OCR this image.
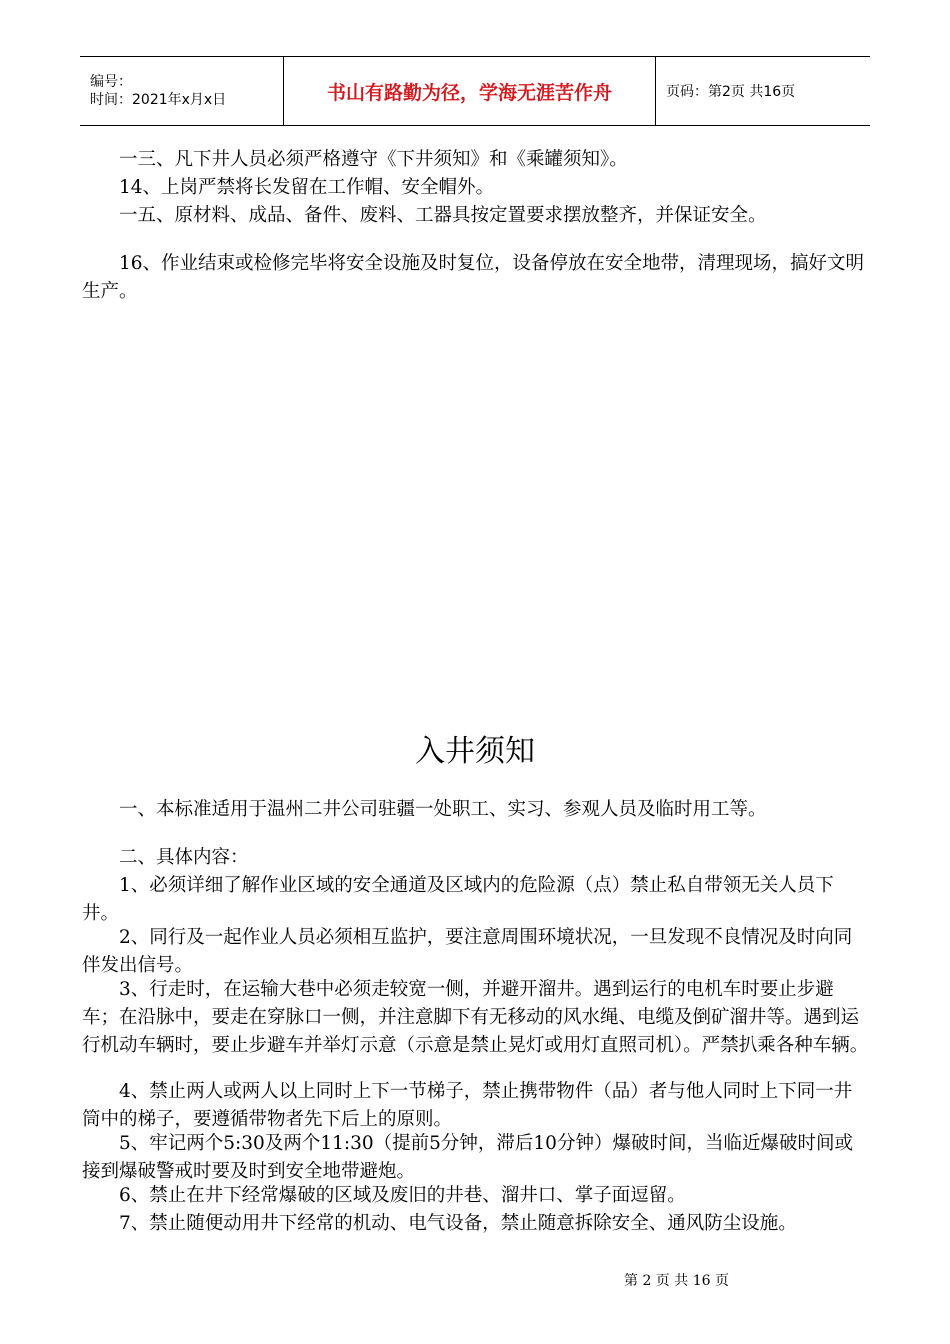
编号：
时间：2021年x月x日	书山有路勤为径，学海无涯苦作舟	页码：第2页 共16页

一三、凡下井人员必须严格遵守《下井须知》和《乘罐须知》。

14、上岗严禁将长发留在工作帽、安全帽外。

一五、原材料、成品、备件、废料、工器具按定置要求摆放整齐，并保证安全。

16、作业结束或检修完毕将安全设施及时复位，设备停放在安全地带，清理现场，搞好文明生产。

入井须知

一、本标准适用于温州二井公司驻疆一处职工、实习、参观人员及临时用工等。

二、具体内容：

1、必须详细了解作业区域的安全通道及区域内的危险源（点）禁止私自带领无关人员下井。

2、同行及一起作业人员必须相互监护，要注意周围环境状况，一旦发现不良情况及时向同伴发出信号。

3、行走时，在运输大巷中必须走较宽一侧，并避开溜井。遇到运行的电机车时要止步避车；在沿脉中，要走在穿脉口一侧，并注意脚下有无移动的风水绳、电缆及倒矿溜井等。遇到运行机动车辆时，要止步避车并举灯示意（示意是禁止晃灯或用灯直照司机）。严禁扒乘各种车辆。

4、禁止两人或两人以上同时上下一节梯子，禁止携带物件（品）者与他人同时上下同一井筒中的梯子，要遵循带物者先下后上的原则。

5、牢记两个5:30及两个11:30（提前5分钟，滞后10分钟）爆破时间，当临近爆破时间或接到爆破警戒时要及时到安全地带避炮。

6、禁止在井下经常爆破的区域及废旧的井巷、溜井口、掌子面逗留。

7、禁止随便动用井下经常的机动、电气设备，禁止随意拆除安全、通风防尘设施。

第 2 页 共 16 页
